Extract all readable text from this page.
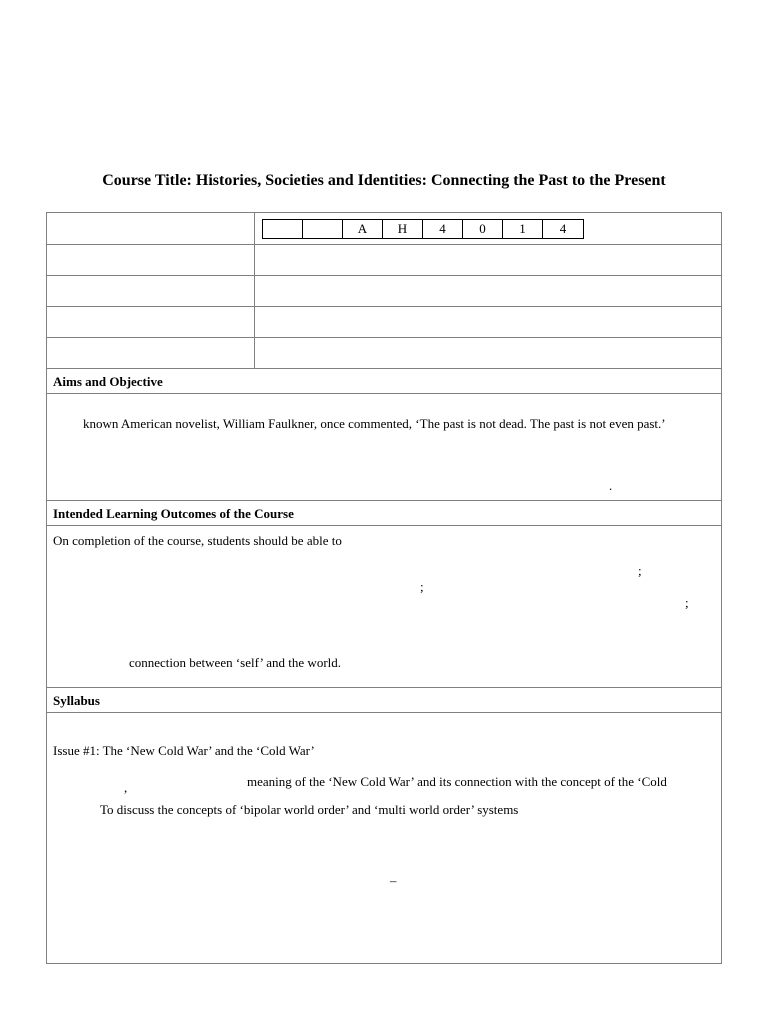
Course Title: Histories, Societies and Identities: Connecting the Past to the Present
A	H	4	0	1	4
Aims and Objective
known American novelist, William Faulkner, once commented, ‘The past is not dead. The past is not even past.’
.
Intended Learning Outcomes of the Course
On completion of the course, students should be able to
;
;
;
connection between ‘self’ and the world.
Syllabus
Issue #1: The ‘New Cold War’ and the ‘Cold War’
,	meaning of the ‘New Cold War’ and its connection with the concept of the ‘Cold
To discuss the concepts of ‘bipolar world order’ and ‘multi world order’ systems
–
